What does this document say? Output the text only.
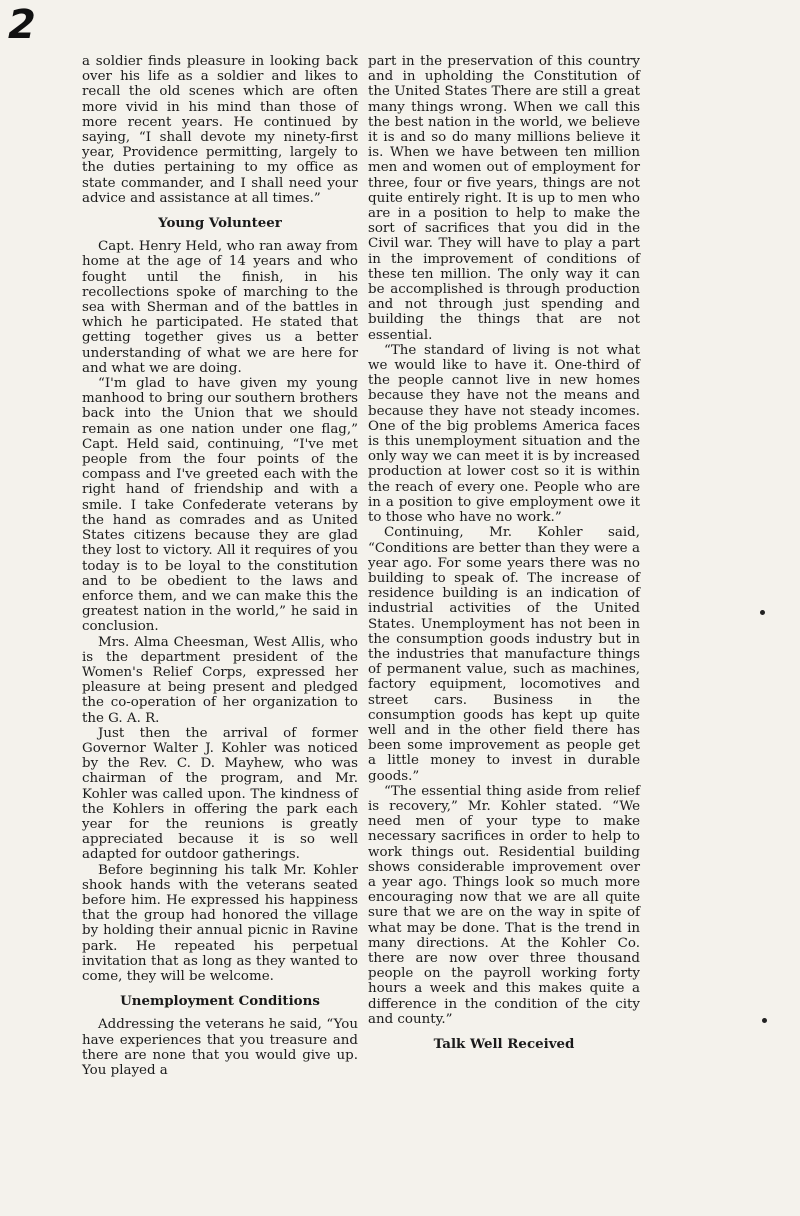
2

a soldier finds pleasure in looking back over his life as a soldier and likes to recall the old scenes which are often more vivid in his mind than those of more recent years. He continued by saying, “I shall devote my ninety-first year, Providence permitting, largely to the duties pertaining to my office as state commander, and I shall need your advice and assistance at all times.”

Young Volunteer

Capt. Henry Held, who ran away from home at the age of 14 years and who fought until the finish, in his recollections spoke of marching to the sea with Sherman and of the battles in which he participated. He stated that getting together gives us a better understanding of what we are here for and what we are doing.

“I'm glad to have given my young manhood to bring our southern brothers back into the Union that we should remain as one nation under one flag,” Capt. Held said, continuing, “I've met people from the four points of the compass and I've greeted each with the right hand of friendship and with a smile. I take Confederate veterans by the hand as comrades and as United States citizens because they are glad they lost to victory. All it requires of you today is to be loyal to the constitution and to be obedient to the laws and enforce them, and we can make this the greatest nation in the world,” he said in conclusion.

Mrs. Alma Cheesman, West Allis, who is the department president of the Women's Relief Corps, expressed her pleasure at being present and pledged the co-operation of her organization to the G. A. R.

Just then the arrival of former Governor Walter J. Kohler was noticed by the Rev. C. D. Mayhew, who was chairman of the program, and Mr. Kohler was called upon. The kindness of the Kohlers in offering the park each year for the reunions is greatly appreciated because it is so well adapted for outdoor gatherings.

Before beginning his talk Mr. Kohler shook hands with the veterans seated before him. He expressed his happiness that the group had honored the village by holding their annual picnic in Ravine park. He repeated his perpetual invitation that as long as they wanted to come, they will be welcome.

Unemployment Conditions

Addressing the veterans he said, “You have experiences that you treasure and there are none that you would give up. You played a

part in the preservation of this country and in upholding the Constitution of the United States There are still a great many things wrong. When we call this the best nation in the world, we believe it is and so do many millions believe it is. When we have between ten million men and women out of employment for three, four or five years, things are not quite entirely right. It is up to men who are in a position to help to make the sort of sacrifices that you did in the Civil war. They will have to play a part in the improvement of conditions of these ten million. The only way it can be accomplished is through production and not through just spending and building the things that are not essential.

“The standard of living is not what we would like to have it. One-third of the people cannot live in new homes because they have not the means and because they have not steady incomes. One of the big problems America faces is this unemployment situation and the only way we can meet it is by increased production at lower cost so it is within the reach of every one. People who are in a position to give employment owe it to those who have no work.”

Continuing, Mr. Kohler said, “Conditions are better than they were a year ago. For some years there was no building to speak of. The increase of residence building is an indication of industrial activities of the United States. Unemployment has not been in the consumption goods industry but in the industries that manufacture things of permanent value, such as machines, factory equipment, locomotives and street cars. Business in the consumption goods has kept up quite well and in the other field there has been some improvement as people get a little money to invest in durable goods.”

“The essential thing aside from relief is recovery,” Mr. Kohler stated. “We need men of your type to make necessary sacrifices in order to help to work things out. Residential building shows considerable improvement over a year ago. Things look so much more encouraging now that we are all quite sure that we are on the way in spite of what may be done. That is the trend in many directions. At the Kohler Co. there are now over three thousand people on the payroll working forty hours a week and this makes quite a difference in the condition of the city and county.”

Talk Well Received
